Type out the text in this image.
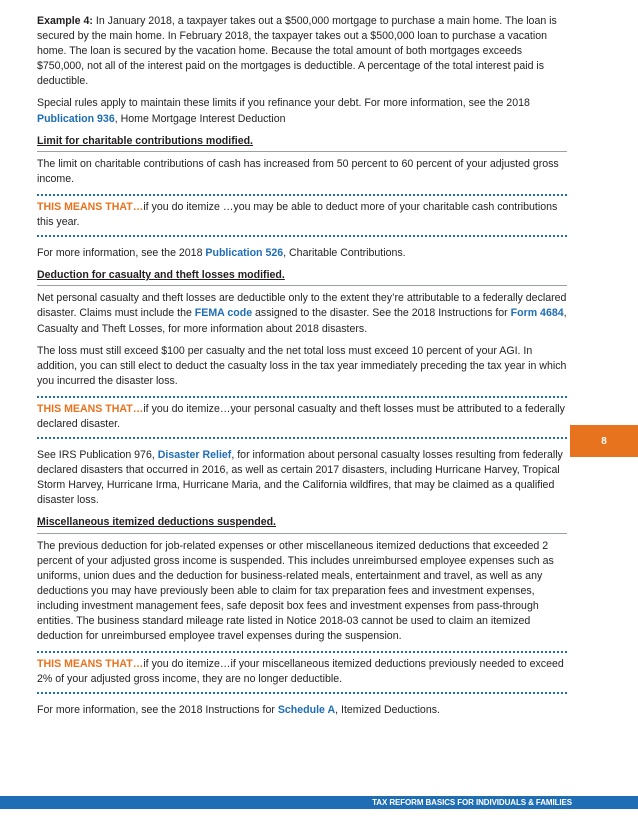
Example 4: In January 2018, a taxpayer takes out a $500,000 mortgage to purchase a main home. The loan is secured by the main home. In February 2018, the taxpayer takes out a $500,000 loan to purchase a vacation home. The loan is secured by the vacation home. Because the total amount of both mortgages exceeds $750,000, not all of the interest paid on the mortgages is deductible. A percentage of the total interest paid is deductible.

Special rules apply to maintain these limits if you refinance your debt. For more information, see the 2018 Publication 936, Home Mortgage Interest Deduction

Limit for charitable contributions modified.

The limit on charitable contributions of cash has increased from 50 percent to 60 percent of your adjusted gross income.

THIS MEANS THAT…if you do itemize …you may be able to deduct more of your charitable cash contributions this year.

For more information, see the 2018 Publication 526, Charitable Contributions.

Deduction for casualty and theft losses modified.

Net personal casualty and theft losses are deductible only to the extent they’re attributable to a federally declared disaster. Claims must include the FEMA code assigned to the disaster. See the 2018 Instructions for Form 4684, Casualty and Theft Losses, for more information about 2018 disasters.

The loss must still exceed $100 per casualty and the net total loss must exceed 10 percent of your AGI. In addition, you can still elect to deduct the casualty loss in the tax year immediately preceding the tax year in which you incurred the disaster loss.

THIS MEANS THAT…if you do itemize…your personal casualty and theft losses must be attributed to a federally declared disaster.

See IRS Publication 976, Disaster Relief, for information about personal casualty losses resulting from federally declared disasters that occurred in 2016, as well as certain 2017 disasters, including Hurricane Harvey, Tropical Storm Harvey, Hurricane Irma, Hurricane Maria, and the California wildfires, that may be claimed as a qualified disaster loss.

Miscellaneous itemized deductions suspended.

The previous deduction for job-related expenses or other miscellaneous itemized deductions that exceeded 2 percent of your adjusted gross income is suspended. This includes unreimbursed employee expenses such as uniforms, union dues and the deduction for business-related meals, entertainment and travel, as well as any deductions you may have previously been able to claim for tax preparation fees and investment expenses, including investment management fees, safe deposit box fees and investment expenses from pass-through entities. The business standard mileage rate listed in Notice 2018-03 cannot be used to claim an itemized deduction for unreimbursed employee travel expenses during the suspension.

THIS MEANS THAT…if you do itemize…if your miscellaneous itemized deductions previously needed to exceed 2% of your adjusted gross income, they are no longer deductible.

For more information, see the 2018 Instructions for Schedule A, Itemized Deductions.

8
TAX REFORM BASICS FOR INDIVIDUALS & FAMILIES
